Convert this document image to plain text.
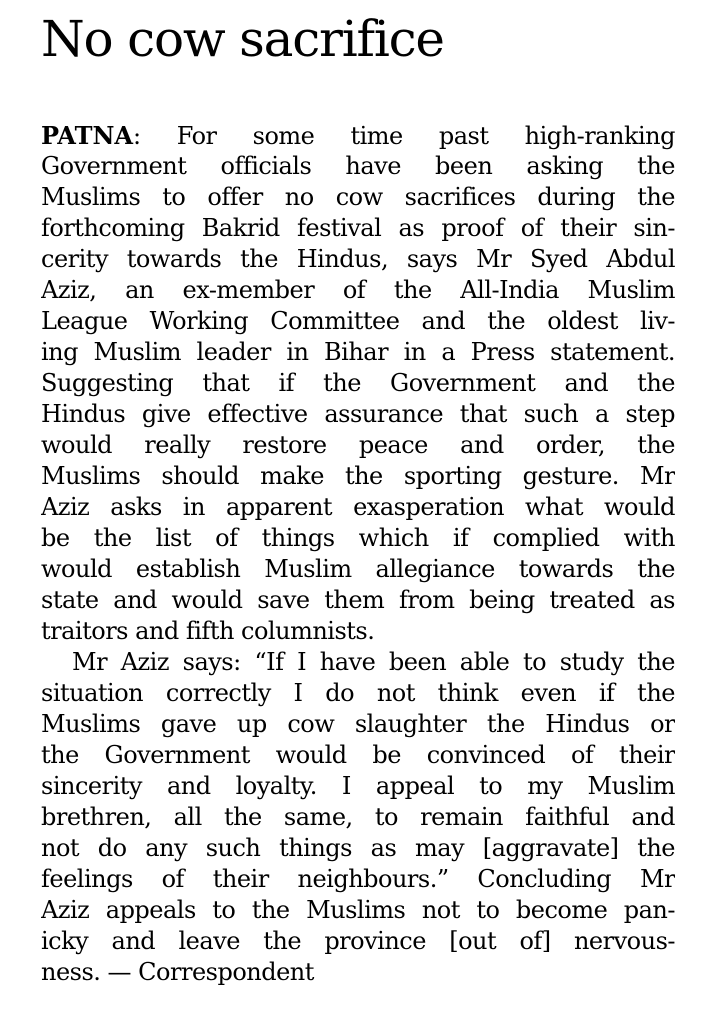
No cow sacrifice
PATNA: For some time past high-ranking
Government officials have been asking the
Muslims to offer no cow sacrifices during the
forthcoming Bakrid festival as proof of their sin-
cerity towards the Hindus, says Mr Syed Abdul
Aziz, an ex-member of the All-India Muslim
League Working Committee and the oldest liv-
ing Muslim leader in Bihar in a Press statement.
Suggesting that if the Government and the
Hindus give effective assurance that such a step
would really restore peace and order, the
Muslims should make the sporting gesture. Mr
Aziz asks in apparent exasperation what would
be the list of things which if complied with
would establish Muslim allegiance towards the
state and would save them from being treated as
traitors and fifth columnists.
Mr Aziz says: “If I have been able to study the
situation correctly I do not think even if the
Muslims gave up cow slaughter the Hindus or
the Government would be convinced of their
sincerity and loyalty. I appeal to my Muslim
brethren, all the same, to remain faithful and
not do any such things as may [aggravate] the
feelings of their neighbours.” Concluding Mr
Aziz appeals to the Muslims not to become pan-
icky and leave the province [out of] nervous-
ness. — Correspondent
